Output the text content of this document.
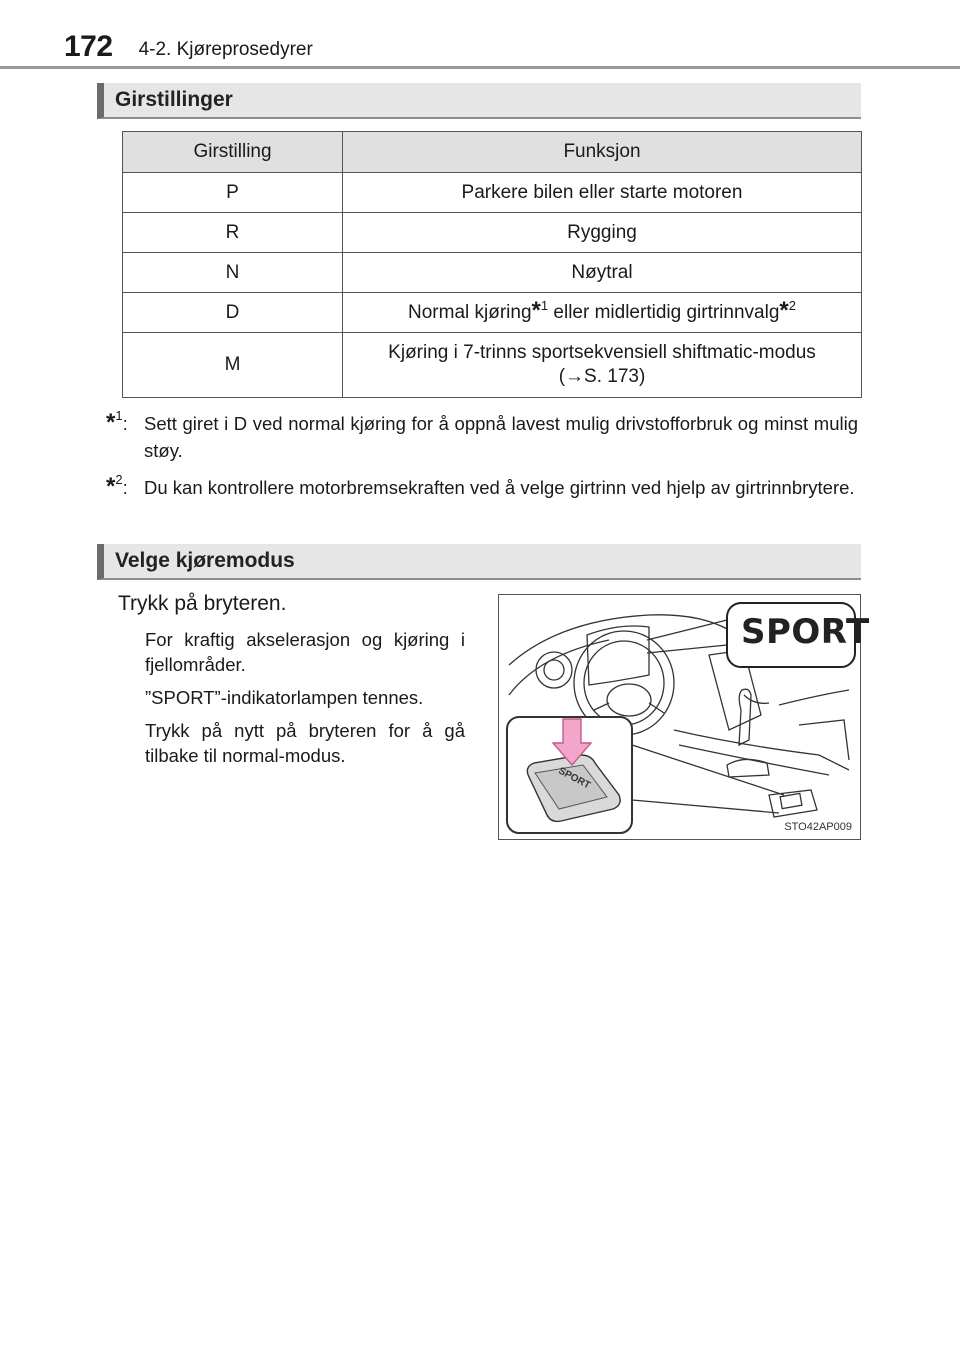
172 4-2. Kjøreprosedyrer
Girstillinger
Girstilling	Funksjon
P	Parkere bilen eller starte motoren
R	Rygging
N	Nøytral
D	Normal kjøring*$^1$ eller midlertidig girtrinnvalg*$^2$
M	Kjøring i 7-trinns sportsekvensiell shiftmatic-modus
(→S. 173)
*$^1$: Sett giret i D ved normal kjøring for å oppnå lavest mulig drivstofforbruk og minst mulig støy.
*$^2$: Du kan kontrollere motorbremsekraften ved å velge girtrinn ved hjelp av girtrinnbrytere.
Velge kjøremodus
Trykk på bryteren.
For kraftig akselerasjon og kjøring i fjellområder.
”SPORT”-indikatorlampen tennes.
Trykk på nytt på bryteren for å gå tilbake til normal-modus.
SPORT
STO42AP009
SPORT
